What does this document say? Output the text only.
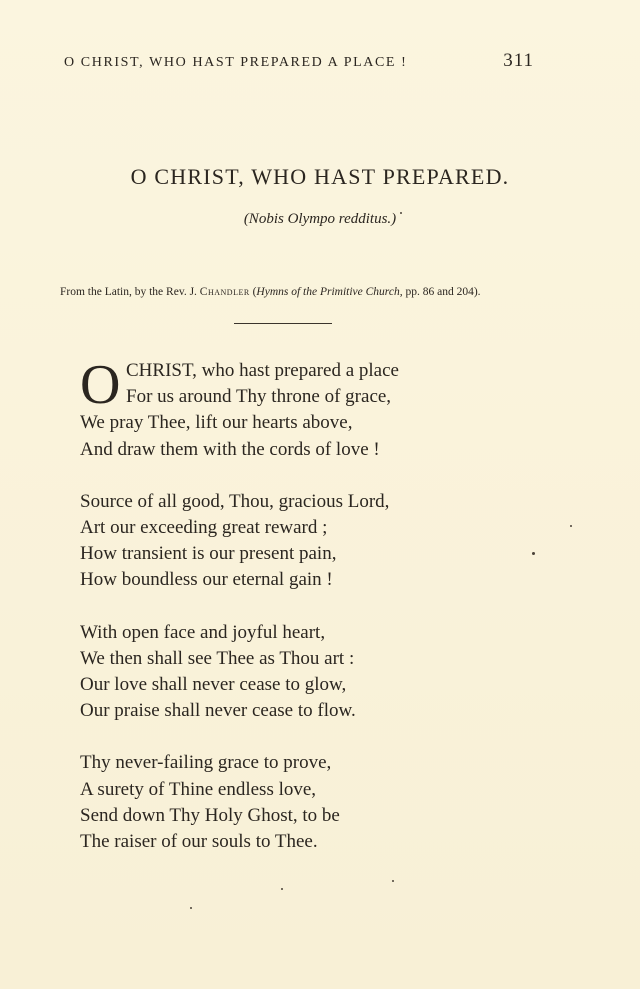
O CHRIST, WHO HAST PREPARED A PLACE !	311
O CHRIST, WHO HAST PREPARED.
(Nobis Olympo redditus.)
From the Latin, by the Rev. J. Chandler (Hymns of the Primitive Church, pp. 86 and 204).
O CHRIST, who hast prepared a place
For us around Thy throne of grace,
We pray Thee, lift our hearts above,
And draw them with the cords of love !
Source of all good, Thou, gracious Lord,
Art our exceeding great reward ;
How transient is our present pain,
How boundless our eternal gain !
With open face and joyful heart,
We then shall see Thee as Thou art :
Our love shall never cease to glow,
Our praise shall never cease to flow.
Thy never-failing grace to prove,
A surety of Thine endless love,
Send down Thy Holy Ghost, to be
The raiser of our souls to Thee.
